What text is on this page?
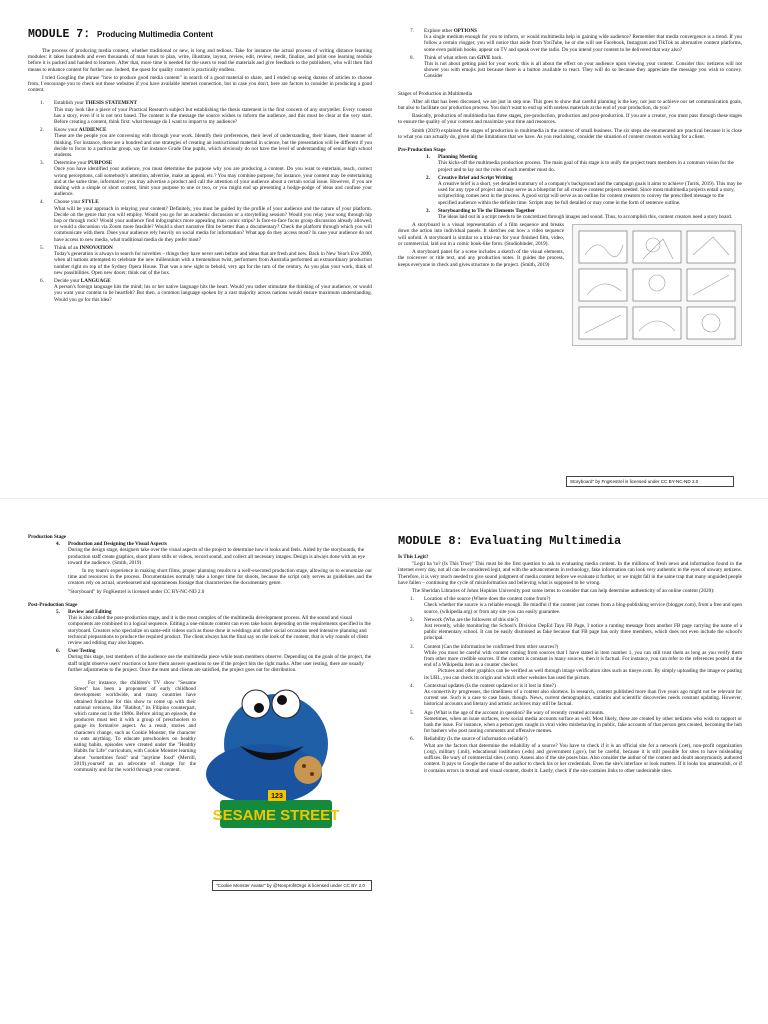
MODULE 7: Producing Multimedia Content

The process of producing media content, whether traditional or new, is long and tedious. Take for instance the actual process of writing distance learning modules: it takes hundreds and even thousands of man hours to plan, write, illustrate, layout, review, edit, review, reedit, finalize, and print one learning module before it is packed and handed to learners. After that, more time is needed for the users to read the materials and give feedback to the publishers, who will then find means to enhance content for further use. Indeed, the quest for quality content is practically endless.

I tried Googling the phrase "how to produce good media content" in search of a good material to share, and I ended up seeing dozens of articles to choose from. I encourage you to check out those websites if you have available internet connection, but in case you don't, here are factors to consider in producing a good content.

1. Establish your THESIS STATEMENT

This may look like a piece of your Practical Research subject but establishing the thesis statement is the first concern of any storyteller. Every content has a story, even if it is not text based. The content is the message the source wishes to inform the audience, and this must be clear at the very start. Before creating a content, think first: what message do I want to impart to my audience?

2. Know your AUDIENCE

These are the people you are conversing with through your work. Identify their preferences, their level of understanding, their biases, their manner of thinking. For instance, there are a hundred and one strategies of creating an instructional material in science, but the presentation will be different if you decide to focus to a particular group, say for instance Grade One pupils, which obviously do not have the level of understanding of senior high school students.

3. Determine your PURPOSE

Once you have identified your audience, you must determine the purpose why you are producing a content. Do you want to entertain, teach, correct wrong perceptions, call somebody's attention, advertise, make an appeal, etc.? You may combine purpose, for instance, your content may be entertaining and at the same time, informative; you may advertise a product and call the attention of your audience about a certain social issue. However, if you are dealing with a simple or short content, limit your purpose to one or two, or you might end up presenting a hodge-podge of ideas and confuse your audience.

4. Choose your STYLE

What will be your approach in relaying your content? Definitely, you must be guided by the profile of your audience and the nature of your platform. Decide on the genre that you will employ. Would you go for an academic discussion or a storytelling session? Would you relay your song through hip hop or through rock? Would your audience find infographics more appealing than comic strips? Is face-to-face focus group discussion already allowed, or would a discussion via Zoom more feasible? Would a short narrative film be better than a documentary? Check the platform through which you will communicate with them. Does your audience rely heavily on social media for information? What app do they access most? In case your audience do not have access to new media, what traditional media do they prefer most?

5. Think of an INNOVATION

Today's generation is always in search for novelties – things they have never seen before and ideas that are fresh and new. Back in New Year's Eve 2000, when all nations attempted to celebrate the new millennium with a tremendous twist, performers from Australia performed an extraordinary production number right on top of the Sydney Opera House. That was a new sight to behold, very apt for the turn of the century. As you plan your work, think of new possibilities. Open new doors; think out of the box.

6. Decide your LANGUAGE

A person's foreign language hits the mind; his or her native language hits the heart. Would you rather stimulate the thinking of your audience, or would you want your content to be heartfelt? But then, a common language spoken by a vast majority across nations would ensure maximum understanding. Would you go for this idea?

7. Explore other OPTIONS

Is a single medium enough for you to inform, or would multimedia help in gaining wide audience? Remember that media convergence is a trend. If you follow a certain vlogger, you will notice that aside from YouTube, he or she will use Facebook, Instagram and TikTok as alternative content platforms, some even publish books, appear on TV and speak over the radio. Do you intend your content to be delivered that way also?

8. Think of what others can GIVE back.

This is not about getting paid for your work; this is all about the effect on your audience upon viewing your content. Consider this: netizens will not shower you with emojis just because there is a button available to react. They will do so because they appreciate the message you wish to convey. Consider

Stages of Production in Multimedia

After all that has been discussed, we are just in step one. This goes to show that careful planning is the key, not just to achieve our set communication goals, but also to facilitate our production process. You don't want to end up with useless materials at the end of your production, do you?

Basically, production of multimedia has three stages, pre-production, production and post-production. If you are a creator, you must pass through these stages to ensure the quality of your content and maximize your time and resources.

Smith (2019) explained the stages of production in multimedia in the context of small business. The six steps she enumerated are practical because it is close to what you can actually do, given all the limitations that we have. As you read along, consider the situation of content creators working for a client.

Pre-Production Stage

1. Planning Meeting
This kicks-off the multimedia production process. The main goal of this stage is to unify the project team members in a common vision for the project and to lay out the roles of each member must do.
2. Creative Brief and Script Writing
A creative brief is a short, yet detailed summary of a company's background and the campaign goals it aims to achieve (Turits, 2019). This may be used for any type of project and may serve as a blueprint for all creative content projects needed. Since most multimedia projects entail a story, scriptwriting comes next in the process. A good script will serve as an outline for content creators to convey the prescribed message to the specified audience within the definite time. Scripts may be full detailed or may come in the form of sentence outline.
3. Storyboarding to Tie the Elements Together
The ideas laid out in a script needs to be concretized through images and sound. Thus, to accomplish this, content creators need a story board.

A storyboard is a visual representation of a film sequence and breaks down the action into individual panels. It sketches out how a video sequence will unfold. A storyboard is similar to a trial-run for your finished film, video, or commercial, laid out in a comic book-like form. (Studiobinder, 2019).

A storyboard panel for a scene includes a sketch of the visual elements, the voiceover or title text, and any production notes. It guides the process, keeps everyone in check and gives structure to the project. (Smith, 2019)

Storyboard" by FngKestrel is licensed under CC BY-NC-ND 2.0

Production Stage

4. Production and Designing the Visual Aspects
During the design stage, designers take over the visual aspects of the project to determine how it looks and feels. Aided by the storyboards, the production staff create graphics, shoot photo stills or videos, record sound, and collect all necessary images. Design is always done with an eye toward the audience. (Smith, 2019)

In my team's experience in making short films, proper planning results to a well-executed production stage, allowing us to economize our time and resources in the process. Documentaries normally take a longer time for shoots, because the script only serves as guidelines and the creators rely on actual, unrehearsed and spontaneous footage that characterizes the documentary genre.

"Storyboard" by FngKestrel is licensed under CC BY-NC-ND 2.0

Post-Production Stage

5. Review and Editing
This is also called the post-production stage, and it is the most complex of the multimedia development process. All the sound and visual components are combined in a logical sequence. Editing a one-minute content can even take hours depending on the requirements specified in the storyboard. Creators who specialize on same-edit videos such as those done in weddings and other social occasions need intensive planning and technical preparations to produce the required product. The client always has the final say on the look of the content, that is why rounds of client review and editing may also happen.
6. User Testing
During this stage, test members of the audience use the multimedia piece while team members observe. Depending on the goals of the project, the staff might observe users' reactions or have them answer questions to see if the project hits the right marks. After user testing, there are usually further adjustments to the project. Once the team and clients are satisfied, the project goes out for distribution.
123
SESAME STREET

For instance, the children's TV show "Sesame Street" has been a proponent of early childhood development worldwide, and many countries have obtained franchise for this show to come up with their national versions, like "Batibot," its Filipino counterpart, which came out in the 1980s. Before airing an episode, the producers must test it with a group of preschoolers to gauge its formative aspect. As a result, stories and characters change, such as Cookie Monster, the character to eats anything. To educate preschoolers on healthy eating habits, episodes were created under the "Healthy Habits for Life" curriculum, with Cookie Monster learning about "sometimes food" and "anytime food" (Merrill, 2019).yourself as an advocate of change for the community and for the world through your content.

"Cookie Monster Avatar" by @NonprofitOrgs is licensed under CC BY 2.0
MODULE 8: Evaluating Multimedia

Is This Legit?

"Legit ba 'to? (Is This True)" This must be the first question to ask in evaluating media content. In the millions of fresh news and information found in the internet every day, not all can be considered legit, and with the advancements in technology, fake information can look very authentic in the eyes of unwary netizens. Therefore, it is very much needed to give sound judgment of media content before we evaluate it further, or we might fall in the same trap that many unguided people have fallen – continuing the cycle of misinformation and believing what is supposed to be wrong.

The Sheridan Libraries of Johns Hopkins University post some items to consider that can help determine authenticity of an online content (2020):

1. Location of the source (Where does the content come from?)

Check whether the source is a reliable enough. Be mindful if the content just comes from a blog-publishing service (blogger.com), from a free and open source, (wikipedia.org) or from any site you can easily guarantee.

2. Network (Who are the followers of this site?)

Just recently, while monitoring the School's Division DepEd Tayo FB Page, I notice a ranting message from another FB page carrying the name of a public elementary school. It can be easily dismissed as fake because that FB page has only three members, which does not even include the school's principal.

3. Content (Can the information be confirmed from other sources?)

While you must be careful with content coming from sources that I have stated in item number 1, you can still trust them as long as you verify them from other more credible sources. If the content is constant in many sources, then it is factual. For instance, you can refer to the references posted at the end of a Wikipedia item as a counter checker.

Pictures and other graphics can be verified as well through image verification sites such as tineye.com. By simply uploading the image or pasting its URL, you can check its origin and which other websites has used the picture.

4. Contextual updates (Is the content updated or is it lost in time?)

As connectivity progresses, the timeliness of a content also shortens. In research, content published more than five years ago might not be relevant for current use. Such is a case to case basis, though. News, current demographics, statistics and scientific discoveries needs constant updating. However, historical accounts and literary and artistic archives may still be factual.

5. Age (What is the age of the account in question? Be wary of recently created accounts.

Sometimes, when an issue surfaces, new social media accounts surface as well. Most likely, these are created by other netizens who wish to support or bash the issue. For instance, when a person gets caught in viral video misbehaving in public, fake accounts of that person gets created, becoming the hub for bashers who post ranting comments and offensive memes.

6. Reliability (Is the source of information reliable?)

What are the factors that determine the reliability of a source? You have to check if it is an official site for a network (.net), non-profit organization (.org), military (.mil), educational institution (.edu) and government (.gov), but be careful, because it is still possible for sites to have misleading suffixes. Be wary of commercial sites (.com). Assess also if the site poses bias. Also consider the author of the content and doubt anonymously authored content. It pays to Google the name of the author to check his or her credentials. Even the site's interface or look matters. If it looks too amateurish, or if it contains errors in textual and visual content, doubt it. Lastly, check if the site contains links to other undesirable sites.
